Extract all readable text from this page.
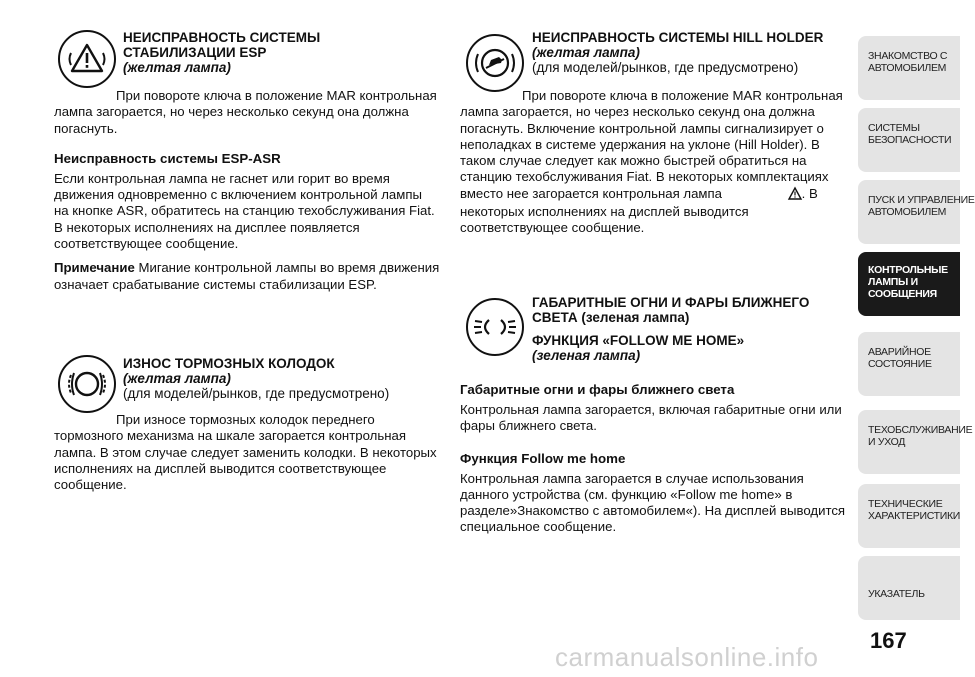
НЕИСПРАВНОСТЬ СИСТЕМЫ
СТАБИЛИЗАЦИИ ESP
(желтая лампа)

При повороте ключа в положение MAR контрольная лампа загорается, но через несколько секунд она должна погаснуть.

Неисправность системы ESP-ASR

Если контрольная лампа не гаснет или горит во время движения одновременно с включением контрольной лампы на кнопке ASR, обратитесь на станцию техобслуживания Fiat. В некоторых исполнениях на дисплее появляется соответствующее сообщение.

Примечание Мигание контрольной лампы во время движения означает срабатывание системы стабилизации ESP.

ИЗНОС ТОРМОЗНЫХ КОЛОДОК
(желтая лампа)
(для моделей/рынков, где предусмотрено)

При износе тормозных колодок переднего тормозного механизма на шкале загорается контрольная лампа. В этом случае следует заменить колодки. В некоторых исполнениях на дисплей выводится соответствующее сообщение.

НЕИСПРАВНОСТЬ СИСТЕМЫ HILL HOLDER
(желтая лампа)
(для моделей/рынков, где предусмотрено)

При повороте ключа в положение MAR контрольная лампа загорается, но через несколько секунд она должна погаснуть. Включение контрольной лампы сигнализирует о неполадках в системе удержания на уклоне (Hill Holder). В таком случае следует как можно быстрей обратиться на станцию техобслуживания Fiat. В некоторых комплектациях вместо нее загорается контрольная лампа	. В некоторых исполнениях на дисплей выводится соответствующее сообщение.

ГАБАРИТНЫЕ ОГНИ И ФАРЫ БЛИЖНЕГО
СВЕТА (зеленая лампа)
ФУНКЦИЯ «FOLLOW ME HOME»
(зеленая лампа)

Габаритные огни и фары ближнего света

Контрольная лампа загорается, включая габаритные огни или фары ближнего света.

Функция Follow me home

Контрольная лампа загорается в случае использования данного устройства (см. функцию «Follow me home» в разделе»Знакомство с автомобилем«). На дисплей выводится специальное сообщение.

ЗНАКОМСТВО С
АВТОМОБИЛЕМ
СИСТЕМЫ
БЕЗОПАСНОСТИ
ПУСК И УПРАВЛЕНИЕ
АВТОМОБИЛЕМ
КОНТРОЛЬНЫЕ
ЛАМПЫ И
СООБЩЕНИЯ
АВАРИЙНОЕ
СОСТОЯНИЕ
ТЕХОБСЛУЖИВАНИЕ
И УХОД
ТЕХНИЧЕСКИЕ
ХАРАКТЕРИСТИКИ
УКАЗАТЕЛЬ
167
carmanualsonline.info
